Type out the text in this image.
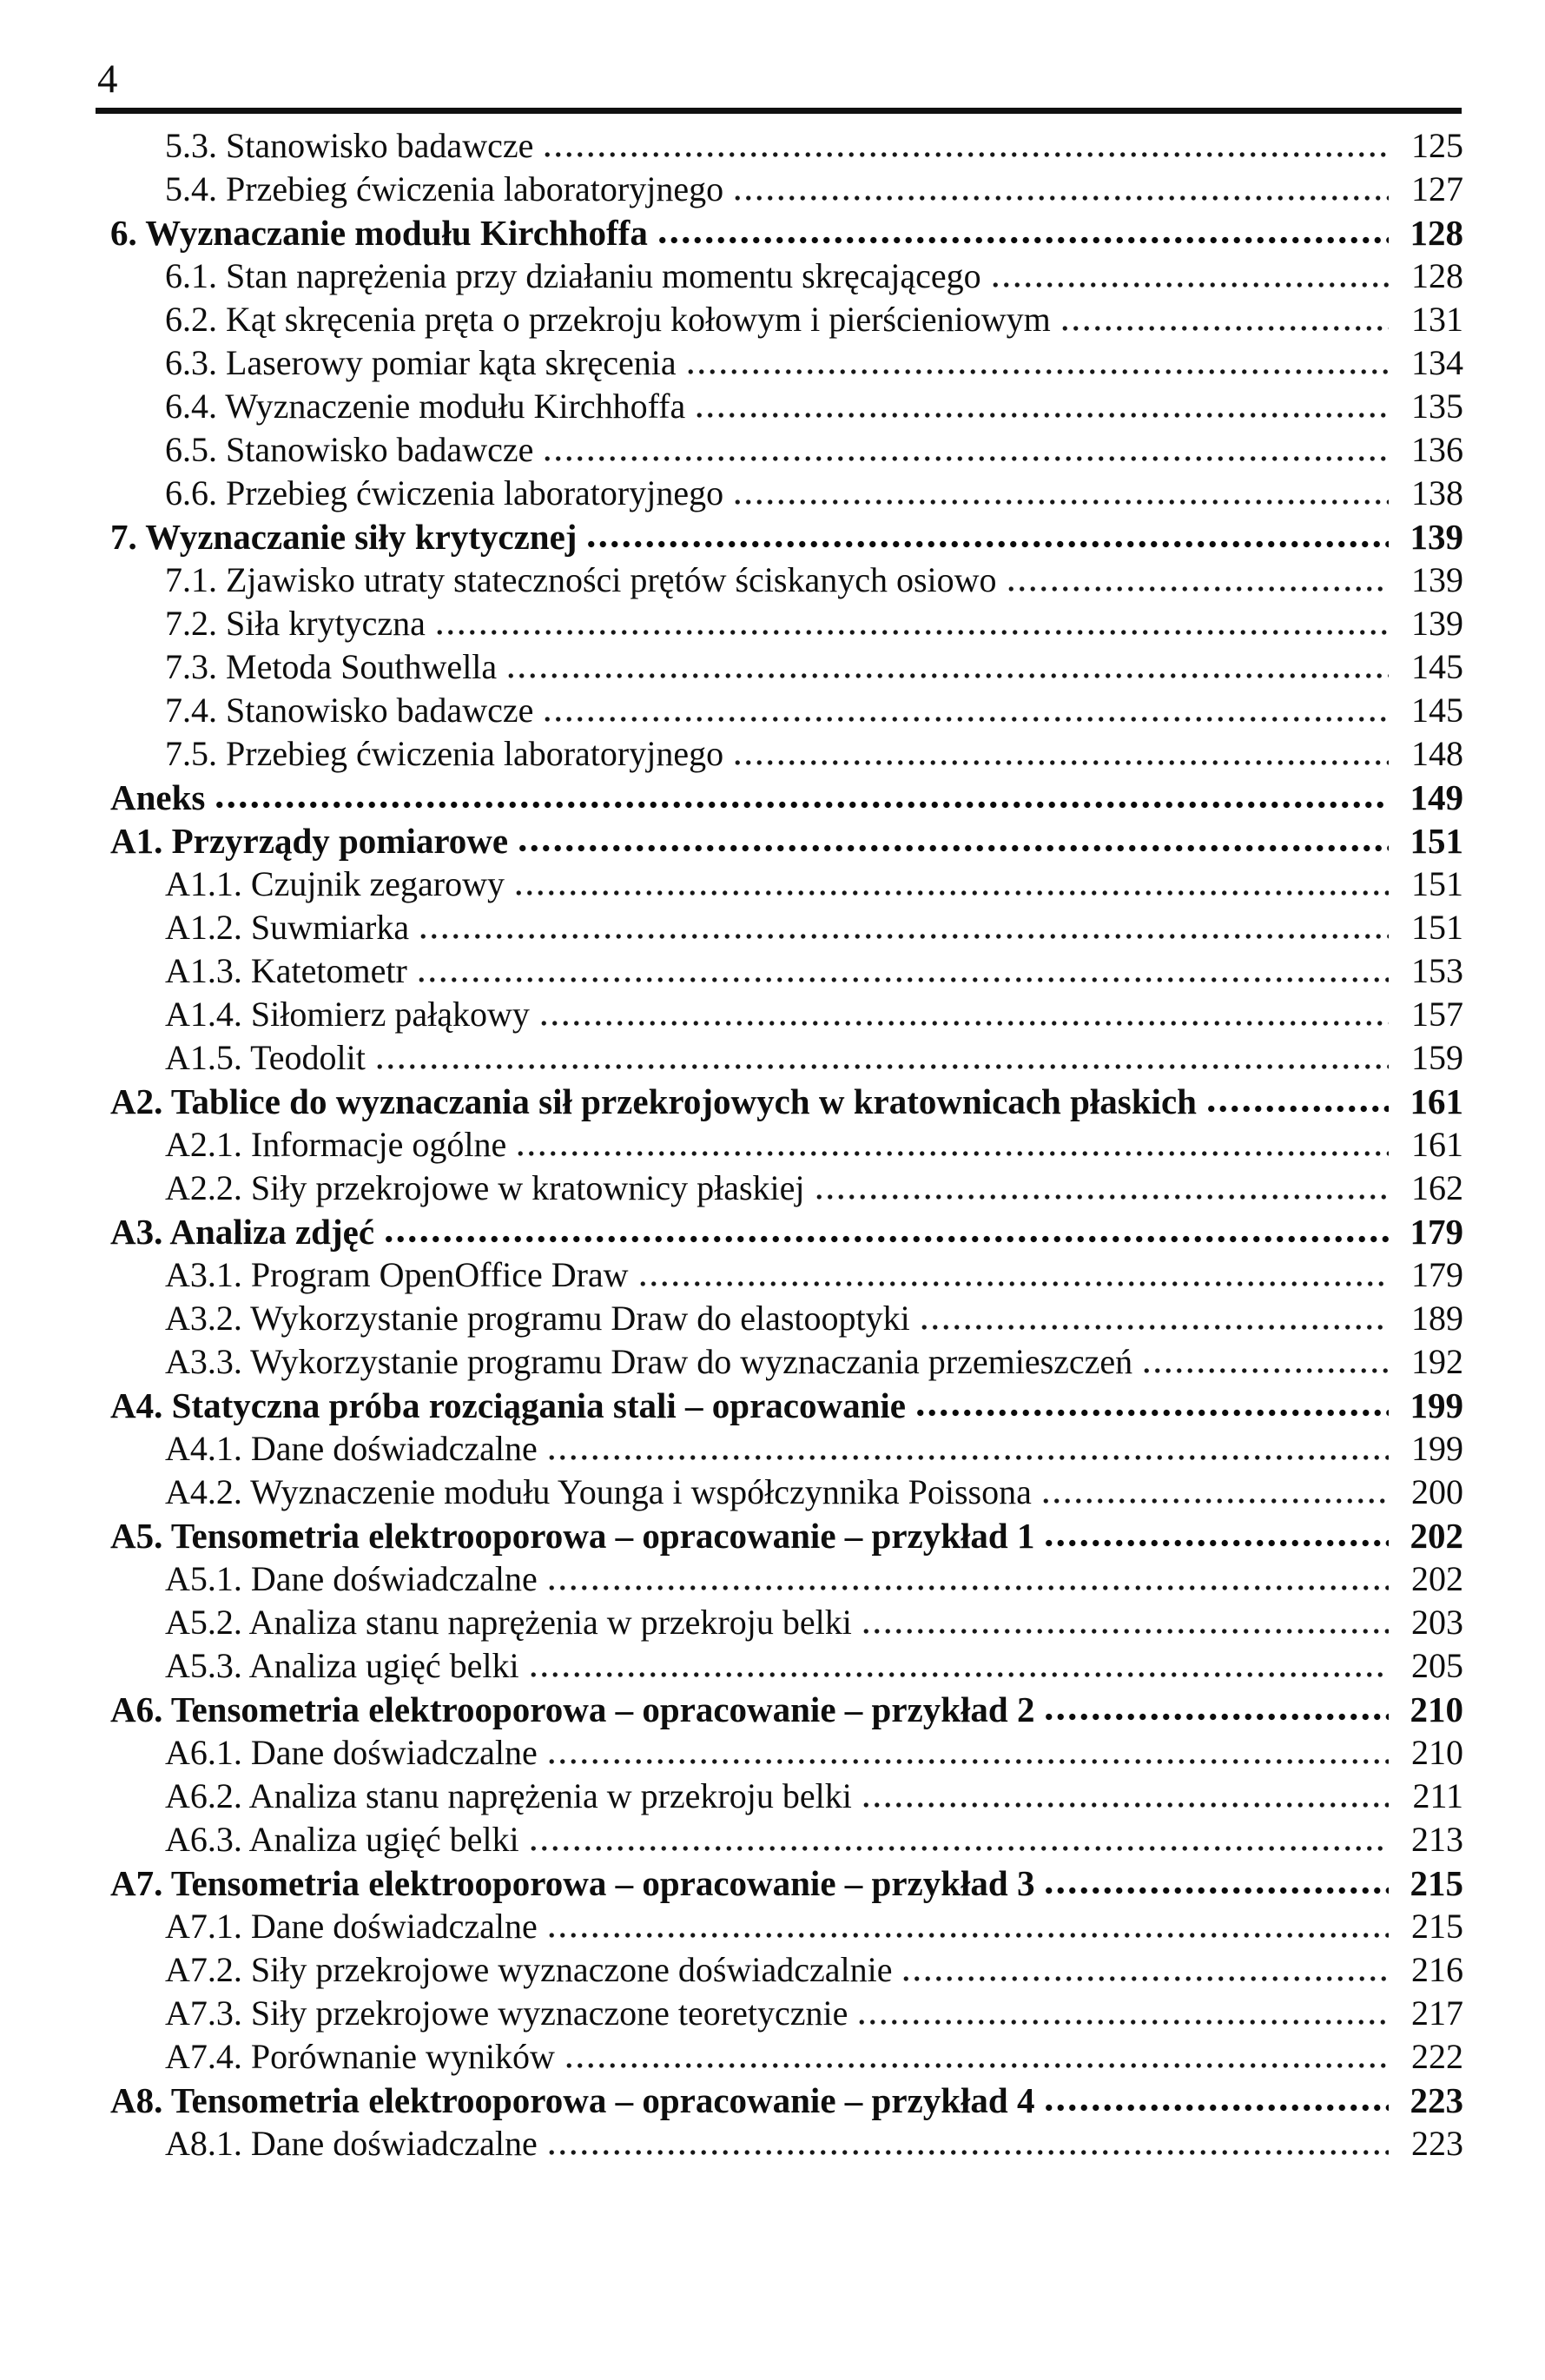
4
5.3. Stanowisko badawcze	125
5.4. Przebieg ćwiczenia laboratoryjnego	127
6. Wyznaczanie modułu Kirchhoffa	128
6.1. Stan naprężenia przy działaniu momentu skręcającego	128
6.2. Kąt skręcenia pręta o przekroju kołowym i pierścieniowym	131
6.3. Laserowy pomiar kąta skręcenia	134
6.4. Wyznaczenie modułu Kirchhoffa	135
6.5. Stanowisko badawcze	136
6.6. Przebieg ćwiczenia laboratoryjnego	138
7. Wyznaczanie siły krytycznej	139
7.1. Zjawisko utraty stateczności prętów ściskanych osiowo	139
7.2. Siła krytyczna	139
7.3. Metoda Southwella	145
7.4. Stanowisko badawcze	145
7.5. Przebieg ćwiczenia laboratoryjnego	148
Aneks	149
A1. Przyrządy pomiarowe	151
A1.1. Czujnik zegarowy	151
A1.2. Suwmiarka	151
A1.3. Katetometr	153
A1.4. Siłomierz pałąkowy	157
A1.5. Teodolit	159
A2. Tablice do wyznaczania sił przekrojowych w kratownicach płaskich	161
A2.1. Informacje ogólne	161
A2.2. Siły przekrojowe w kratownicy płaskiej	162
A3. Analiza zdjęć	179
A3.1. Program OpenOffice Draw	179
A3.2. Wykorzystanie programu Draw do elastooptyki	189
A3.3. Wykorzystanie programu Draw do wyznaczania przemieszczeń	192
A4. Statyczna próba rozciągania stali – opracowanie	199
A4.1. Dane doświadczalne	199
A4.2. Wyznaczenie modułu Younga i współczynnika Poissona	200
A5. Tensometria elektrooporowa – opracowanie – przykład 1	202
A5.1. Dane doświadczalne	202
A5.2. Analiza stanu naprężenia w przekroju belki	203
A5.3. Analiza ugięć belki	205
A6. Tensometria elektrooporowa – opracowanie – przykład 2	210
A6.1. Dane doświadczalne	210
A6.2. Analiza stanu naprężenia w przekroju belki	211
A6.3. Analiza ugięć belki	213
A7. Tensometria elektrooporowa – opracowanie – przykład 3	215
A7.1. Dane doświadczalne	215
A7.2. Siły przekrojowe wyznaczone doświadczalnie	216
A7.3. Siły przekrojowe wyznaczone teoretycznie	217
A7.4. Porównanie wyników	222
A8. Tensometria elektrooporowa – opracowanie – przykład 4	223
A8.1. Dane doświadczalne	223
